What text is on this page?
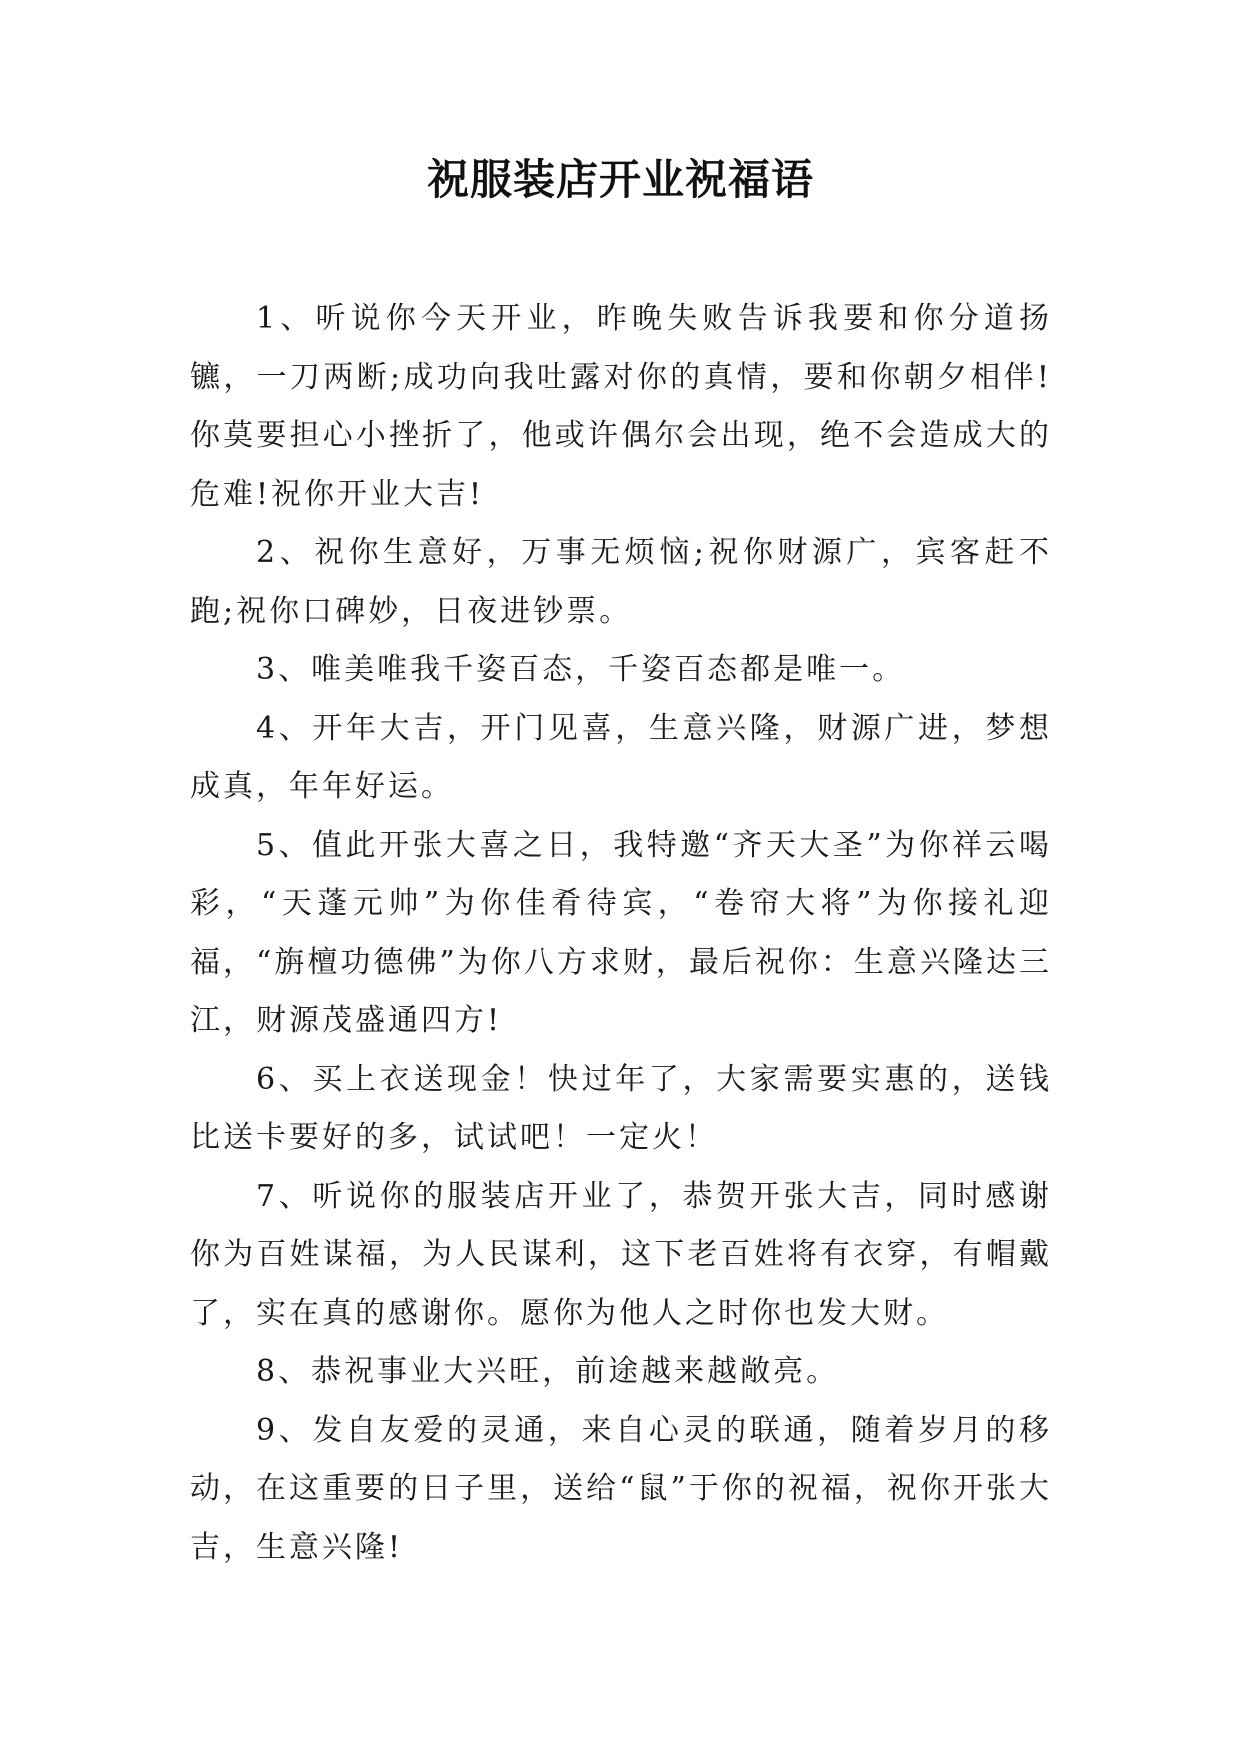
祝服装店开业祝福语

1、听说你今天开业，昨晚失败告诉我要和你分道扬镳，一刀两断;成功向我吐露对你的真情，要和你朝夕相伴!你莫要担心小挫折了，他或许偶尔会出现，绝不会造成大的危难!祝你开业大吉!

2、祝你生意好，万事无烦恼;祝你财源广，宾客赶不跑;祝你口碑妙，日夜进钞票。

3、唯美唯我千姿百态，千姿百态都是唯一。

4、开年大吉，开门见喜，生意兴隆，财源广进，梦想成真，年年好运。

5、值此开张大喜之日，我特邀“齐天大圣”为你祥云喝彩，“天蓬元帅”为你佳肴待宾，“卷帘大将”为你接礼迎福，“旃檀功德佛”为你八方求财，最后祝你：生意兴隆达三江，财源茂盛通四方!

6、买上衣送现金！快过年了，大家需要实惠的，送钱比送卡要好的多，试试吧！一定火！

7、听说你的服装店开业了，恭贺开张大吉，同时感谢你为百姓谋福，为人民谋利，这下老百姓将有衣穿，有帽戴了，实在真的感谢你。愿你为他人之时你也发大财。

8、恭祝事业大兴旺，前途越来越敞亮。

9、发自友爱的灵通，来自心灵的联通，随着岁月的移动，在这重要的日子里，送给“鼠”于你的祝福，祝你开张大吉，生意兴隆!
